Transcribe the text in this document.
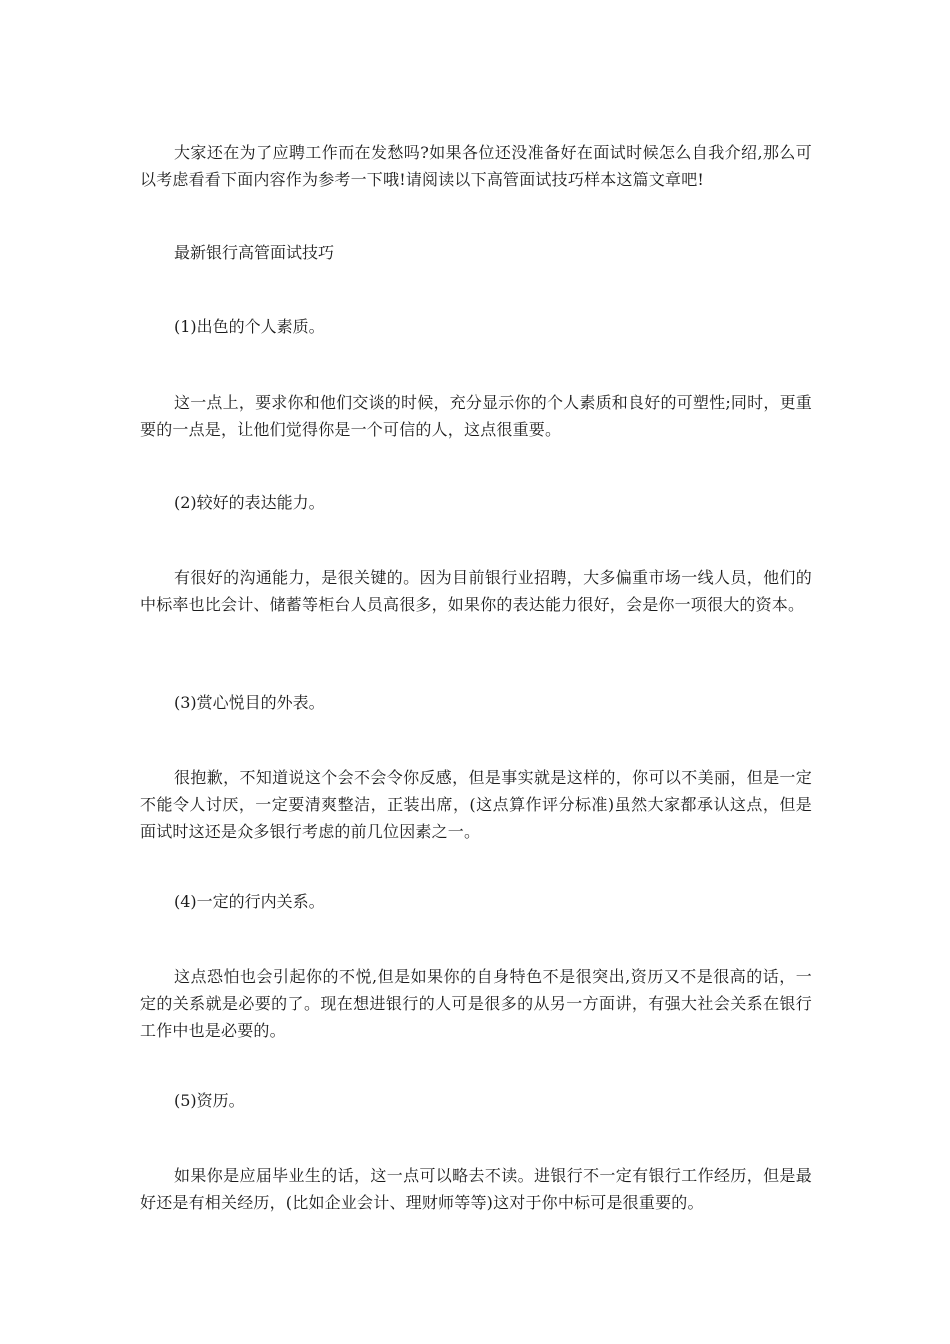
大家还在为了应聘工作而在发愁吗?如果各位还没准备好在面试时候怎么自我介绍,那么可以考虑看看下面内容作为参考一下哦!请阅读以下高管面试技巧样本这篇文章吧!

最新银行高管面试技巧

(1)出色的个人素质。

这一点上，要求你和他们交谈的时候，充分显示你的个人素质和良好的可塑性;同时，更重要的一点是，让他们觉得你是一个可信的人，这点很重要。

(2)较好的表达能力。

有很好的沟通能力，是很关键的。因为目前银行业招聘，大多偏重市场一线人员，他们的中标率也比会计、储蓄等柜台人员高很多，如果你的表达能力很好，会是你一项很大的资本。

(3)赏心悦目的外表。

很抱歉，不知道说这个会不会令你反感，但是事实就是这样的，你可以不美丽，但是一定不能令人讨厌，一定要清爽整洁，正装出席，(这点算作评分标准)虽然大家都承认这点，但是面试时这还是众多银行考虑的前几位因素之一。

(4)一定的行内关系。

这点恐怕也会引起你的不悦,但是如果你的自身特色不是很突出,资历又不是很高的话，一定的关系就是必要的了。现在想进银行的人可是很多的从另一方面讲，有强大社会关系在银行工作中也是必要的。

(5)资历。

如果你是应届毕业生的话，这一点可以略去不读。进银行不一定有银行工作经历，但是最好还是有相关经历，(比如企业会计、理财师等等)这对于你中标可是很重要的。
